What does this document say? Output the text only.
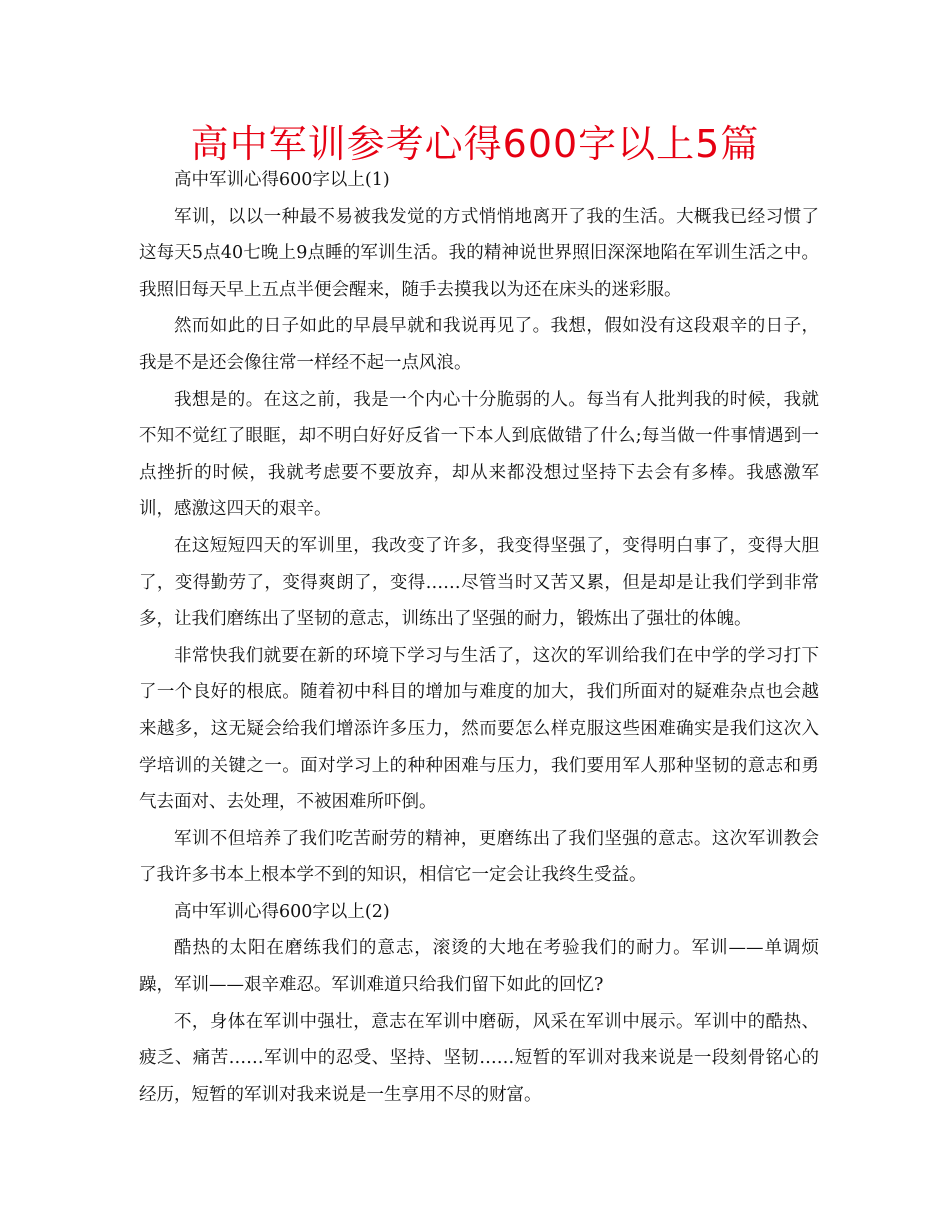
高中军训参考心得600字以上5篇

高中军训心得600字以上(1)

军训，以以一种最不易被我发觉的方式悄悄地离开了我的生活。大概我已经习惯了这每天5点40七晚上9点睡的军训生活。我的精神说世界照旧深深地陷在军训生活之中。我照旧每天早上五点半便会醒来，随手去摸我以为还在床头的迷彩服。

然而如此的日子如此的早晨早就和我说再见了。我想，假如没有这段艰辛的日子，我是不是还会像往常一样经不起一点风浪。

我想是的。在这之前，我是一个内心十分脆弱的人。每当有人批判我的时候，我就不知不觉红了眼眶，却不明白好好反省一下本人到底做错了什么;每当做一件事情遇到一点挫折的时候，我就考虑要不要放弃，却从来都没想过坚持下去会有多棒。我感激军训，感激这四天的艰辛。

在这短短四天的军训里，我改变了许多，我变得坚强了，变得明白事了，变得大胆了，变得勤劳了，变得爽朗了，变得……尽管当时又苦又累，但是却是让我们学到非常多，让我们磨练出了坚韧的意志，训练出了坚强的耐力，锻炼出了强壮的体魄。

非常快我们就要在新的环境下学习与生活了，这次的军训给我们在中学的学习打下了一个良好的根底。随着初中科目的增加与难度的加大，我们所面对的疑难杂点也会越来越多，这无疑会给我们增添许多压力，然而要怎么样克服这些困难确实是我们这次入学培训的关键之一。面对学习上的种种困难与压力，我们要用军人那种坚韧的意志和勇气去面对、去处理，不被困难所吓倒。

军训不但培养了我们吃苦耐劳的精神，更磨练出了我们坚强的意志。这次军训教会了我许多书本上根本学不到的知识，相信它一定会让我终生受益。

高中军训心得600字以上(2)

酷热的太阳在磨练我们的意志，滚烫的大地在考验我们的耐力。军训——单调烦躁，军训——艰辛难忍。军训难道只给我们留下如此的回忆?

不，身体在军训中强壮，意志在军训中磨砺，风采在军训中展示。军训中的酷热、疲乏、痛苦……军训中的忍受、坚持、坚韧……短暂的军训对我来说是一段刻骨铭心的经历，短暂的军训对我来说是一生享用不尽的财富。
